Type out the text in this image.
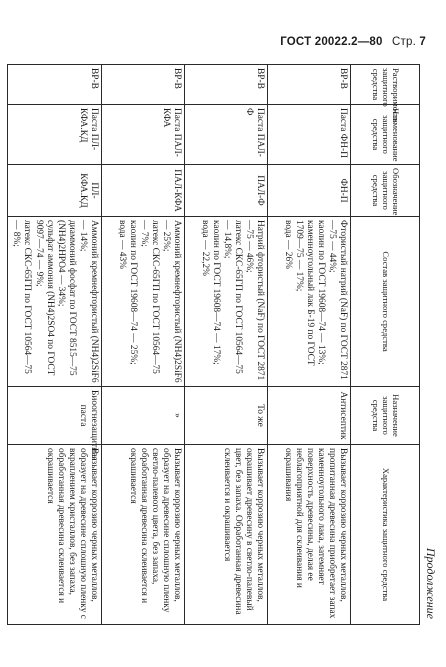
ГОСТ 20022.2—80 Стр. 7
Продолжение
Растворимость защитного средства	Наименование защитного средства	Обозначение защитного средства	Состав защитного средства	Назначение защитного средства	Характеристика защитного средства
ВР-В	Паста ФН-П	ФН-П	Фтористый натрий (NaF) по ГОСТ 2871—75 — 44%;
каолин по ГОСТ 19608—74 — 13%;
каменноугольный лак Б-19 по ГОСТ 1709—75 — 17%;
вода — 26%	Антисептик	Вызывает коррозию черных металлов, пропитанная древесина приобретает запах каменноугольного лака, затемняет поверхность древесины, делая ее неблагоприятной для склеивания и окрашивания
ВР-В	Паста ПАЛ-Ф	ПАЛ-Ф	Натрий фтористый (NaF) по ГОСТ 2871—75 — 46%;
латекс СКС-65ГП по ГОСТ 10564—75 — 14,8%;
каолин по ГОСТ 19608—74 — 17%;
вода — 22,2%	То же	Вызывает коррозию черных металлов, окрашивает древесину в светло-палевый цвет, без запаха. Обработанная древесина склеивается и окрашивается
ВР-В	Паста ПАЛ-КФА	ПАЛ-КФА	Аммоний кремнефтористый (NH4)2SiF6 — 25%;
латекс СКС-65ГП по ГОСТ 10564—75 — 7%;
каолин по ГОСТ 19608—74 — 25%;
вода — 43%	»	Вызывает коррозию черных металлов, образует на древесине сплошную пленку светло-палевого цвета, без запаха, обработанная древесина склеивается и окрашивается
ВР-В	Паста ПЛ-КФА.КД	ПЛ-КФА.КД	Аммоний кремнефтористый (NH4)2SiF6 — 14%;
диаммоний фосфат по ГОСТ 8515—75 (NH4)2HPO4 — 34%;
сульфат аммония (NH4)2SO4 по ГОСТ 9097—74 — 9%;
латекс СКС-65ГП по ГОСТ 10564—75 — 8%;	Биоогнезащитная паста	Вызывает коррозию черных металлов, образует на древесине сплошную пленку с вкраплением кристаллов, без запаха, обработанная древесина склеивается и окрашивается
